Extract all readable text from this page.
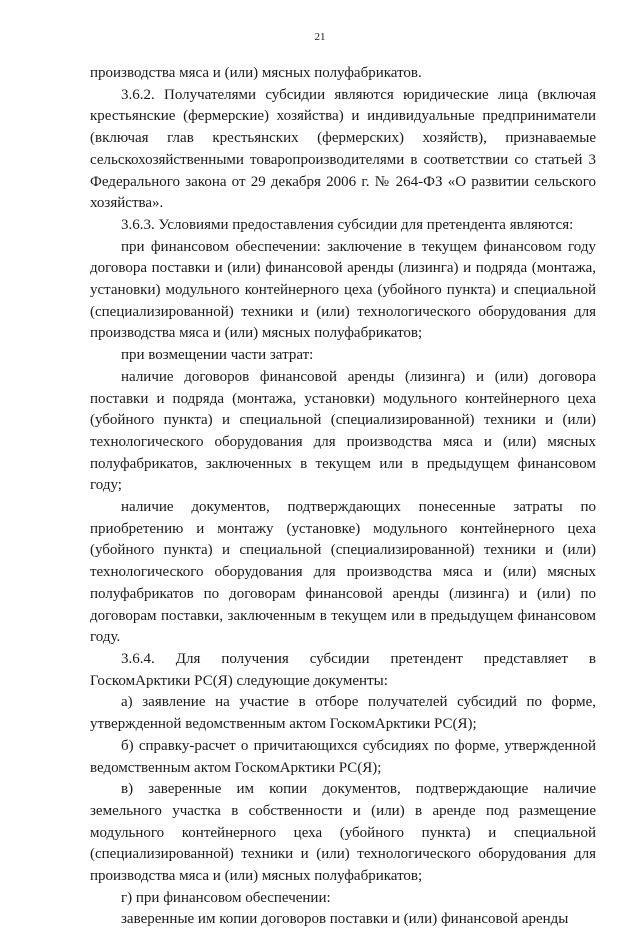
21

производства мяса и (или) мясных полуфабрикатов.

3.6.2. Получателями субсидии являются юридические лица (включая крестьянские (фермерские) хозяйства) и индивидуальные предприниматели (включая глав крестьянских (фермерских) хозяйств), признаваемые сельскохозяйственными товаропроизводителями в соответствии со статьей 3 Федерального закона от 29 декабря 2006 г. № 264-ФЗ «О развитии сельского хозяйства».

3.6.3. Условиями предоставления субсидии для претендента являются:

при финансовом обеспечении: заключение в текущем финансовом году договора поставки и (или) финансовой аренды (лизинга) и подряда (монтажа, установки) модульного контейнерного цеха (убойного пункта) и специальной (специализированной) техники и (или) технологического оборудования для производства мяса и (или) мясных полуфабрикатов;

при возмещении части затрат:

наличие договоров финансовой аренды (лизинга) и (или) договора поставки и подряда (монтажа, установки) модульного контейнерного цеха (убойного пункта) и специальной (специализированной) техники и (или) технологического оборудования для производства мяса и (или) мясных полуфабрикатов, заключенных в текущем или в предыдущем финансовом году;

наличие документов, подтверждающих понесенные затраты по приобретению и монтажу (установке) модульного контейнерного цеха (убойного пункта) и специальной (специализированной) техники и (или) технологического оборудования для производства мяса и (или) мясных полуфабрикатов по договорам финансовой аренды (лизинга) и (или) по договорам поставки, заключенным в текущем или в предыдущем финансовом году.

3.6.4. Для получения субсидии претендент представляет в ГоскомАрктики РС(Я) следующие документы:

а) заявление на участие в отборе получателей субсидий по форме, утвержденной ведомственным актом ГоскомАрктики РС(Я);

б) справку-расчет о причитающихся субсидиях по форме, утвержденной ведомственным актом ГоскомАрктики РС(Я);

в) заверенные им копии документов, подтверждающие наличие земельного участка в собственности и (или) в аренде под размещение модульного контейнерного цеха (убойного пункта) и специальной (специализированной) техники и (или) технологического оборудования для производства мяса и (или) мясных полуфабрикатов;

г) при финансовом обеспечении:

заверенные им копии договоров поставки и (или) финансовой аренды
